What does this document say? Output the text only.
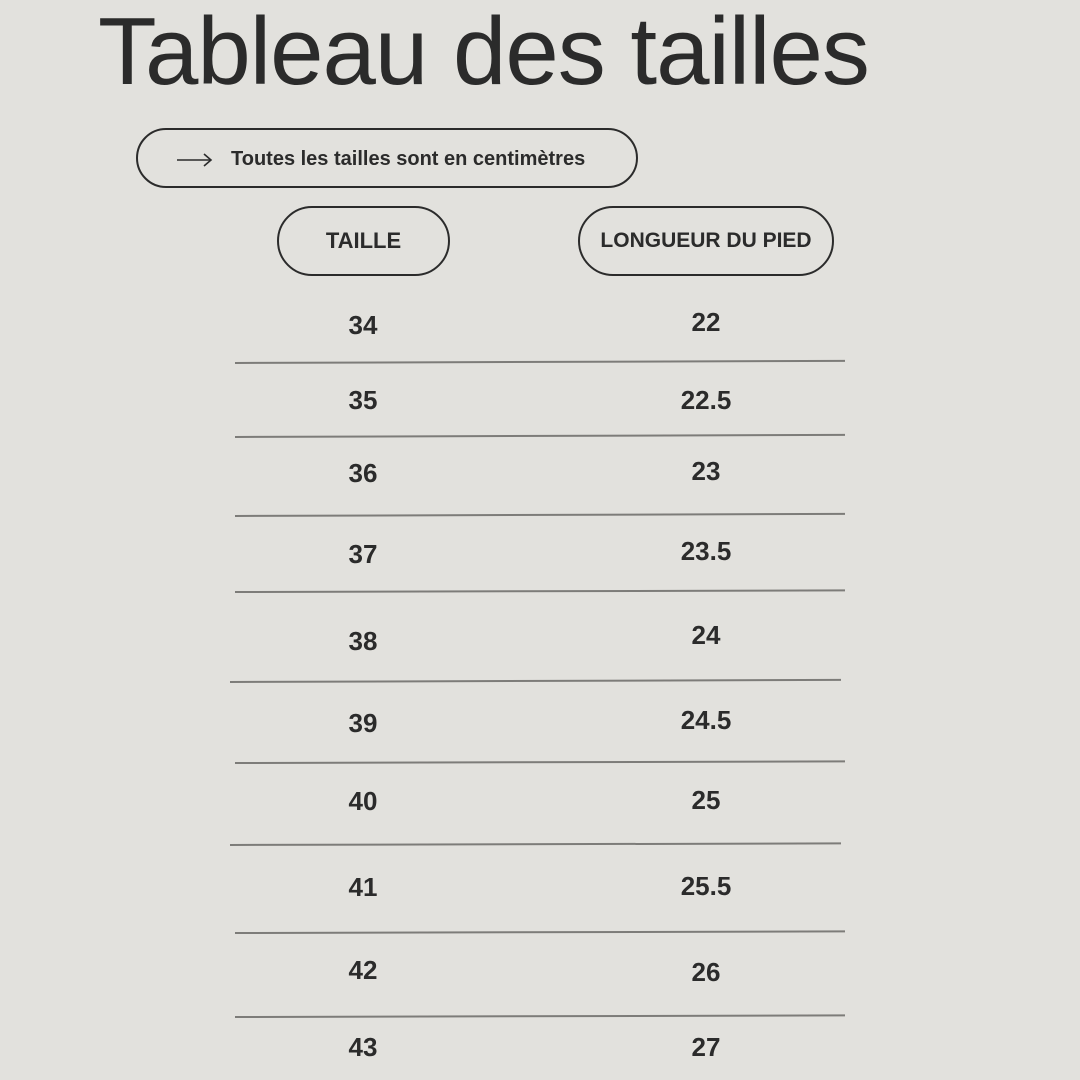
Tableau des tailles
Toutes les tailles sont en centimètres
TAILLE	LONGUEUR DU PIED
34	22
35	22.5
36	23
37	23.5
38	24
39	24.5
40	25
41	25.5
42	26
43	27
